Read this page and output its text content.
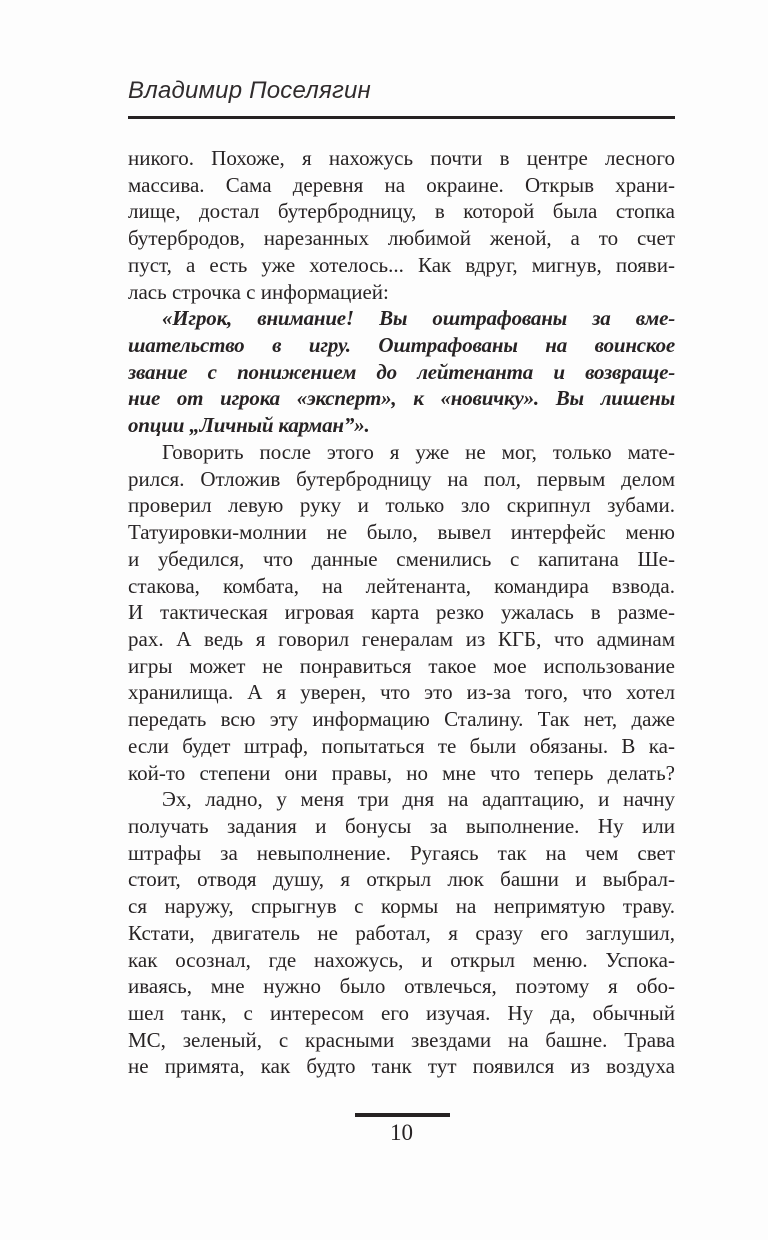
Владимир Поселягин
никого. Похоже, я нахожусь почти в центре лесного
массива. Сама деревня на окраине. Открыв храни-
лище, достал бутербродницу, в которой была стопка
бутербродов, нарезанных любимой женой, а то счет
пуст, а есть уже хотелось... Как вдруг, мигнув, появи-
лась строчка с информацией:
«Игрок, внимание! Вы оштрафованы за вме-
шательство в игру. Оштрафованы на воинское
звание с понижением до лейтенанта и возвраще-
ние от игрока «эксперт», к «новичку». Вы лишены
опции „Личный карман”».
Говорить после этого я уже не мог, только мате-
рился. Отложив бутербродницу на пол, первым делом
проверил левую руку и только зло скрипнул зубами.
Татуировки-молнии не было, вывел интерфейс меню
и убедился, что данные сменились с капитана Ше-
стакова, комбата, на лейтенанта, командира взвода.
И тактическая игровая карта резко ужалась в разме-
рах. А ведь я говорил генералам из КГБ, что админам
игры может не понравиться такое мое использование
хранилища. А я уверен, что это из-за того, что хотел
передать всю эту информацию Сталину. Так нет, даже
если будет штраф, попытаться те были обязаны. В ка-
кой-то степени они правы, но мне что теперь делать?
Эх, ладно, у меня три дня на адаптацию, и начну
получать задания и бонусы за выполнение. Ну или
штрафы за невыполнение. Ругаясь так на чем свет
стоит, отводя душу, я открыл люк башни и выбрал-
ся наружу, спрыгнув с кормы на непримятую траву.
Кстати, двигатель не работал, я сразу его заглушил,
как осознал, где нахожусь, и открыл меню. Успока-
иваясь, мне нужно было отвлечься, поэтому я обо-
шел танк, с интересом его изучая. Ну да, обычный
МС, зеленый, с красными звездами на башне. Трава
не примята, как будто танк тут появился из воздуха
10
